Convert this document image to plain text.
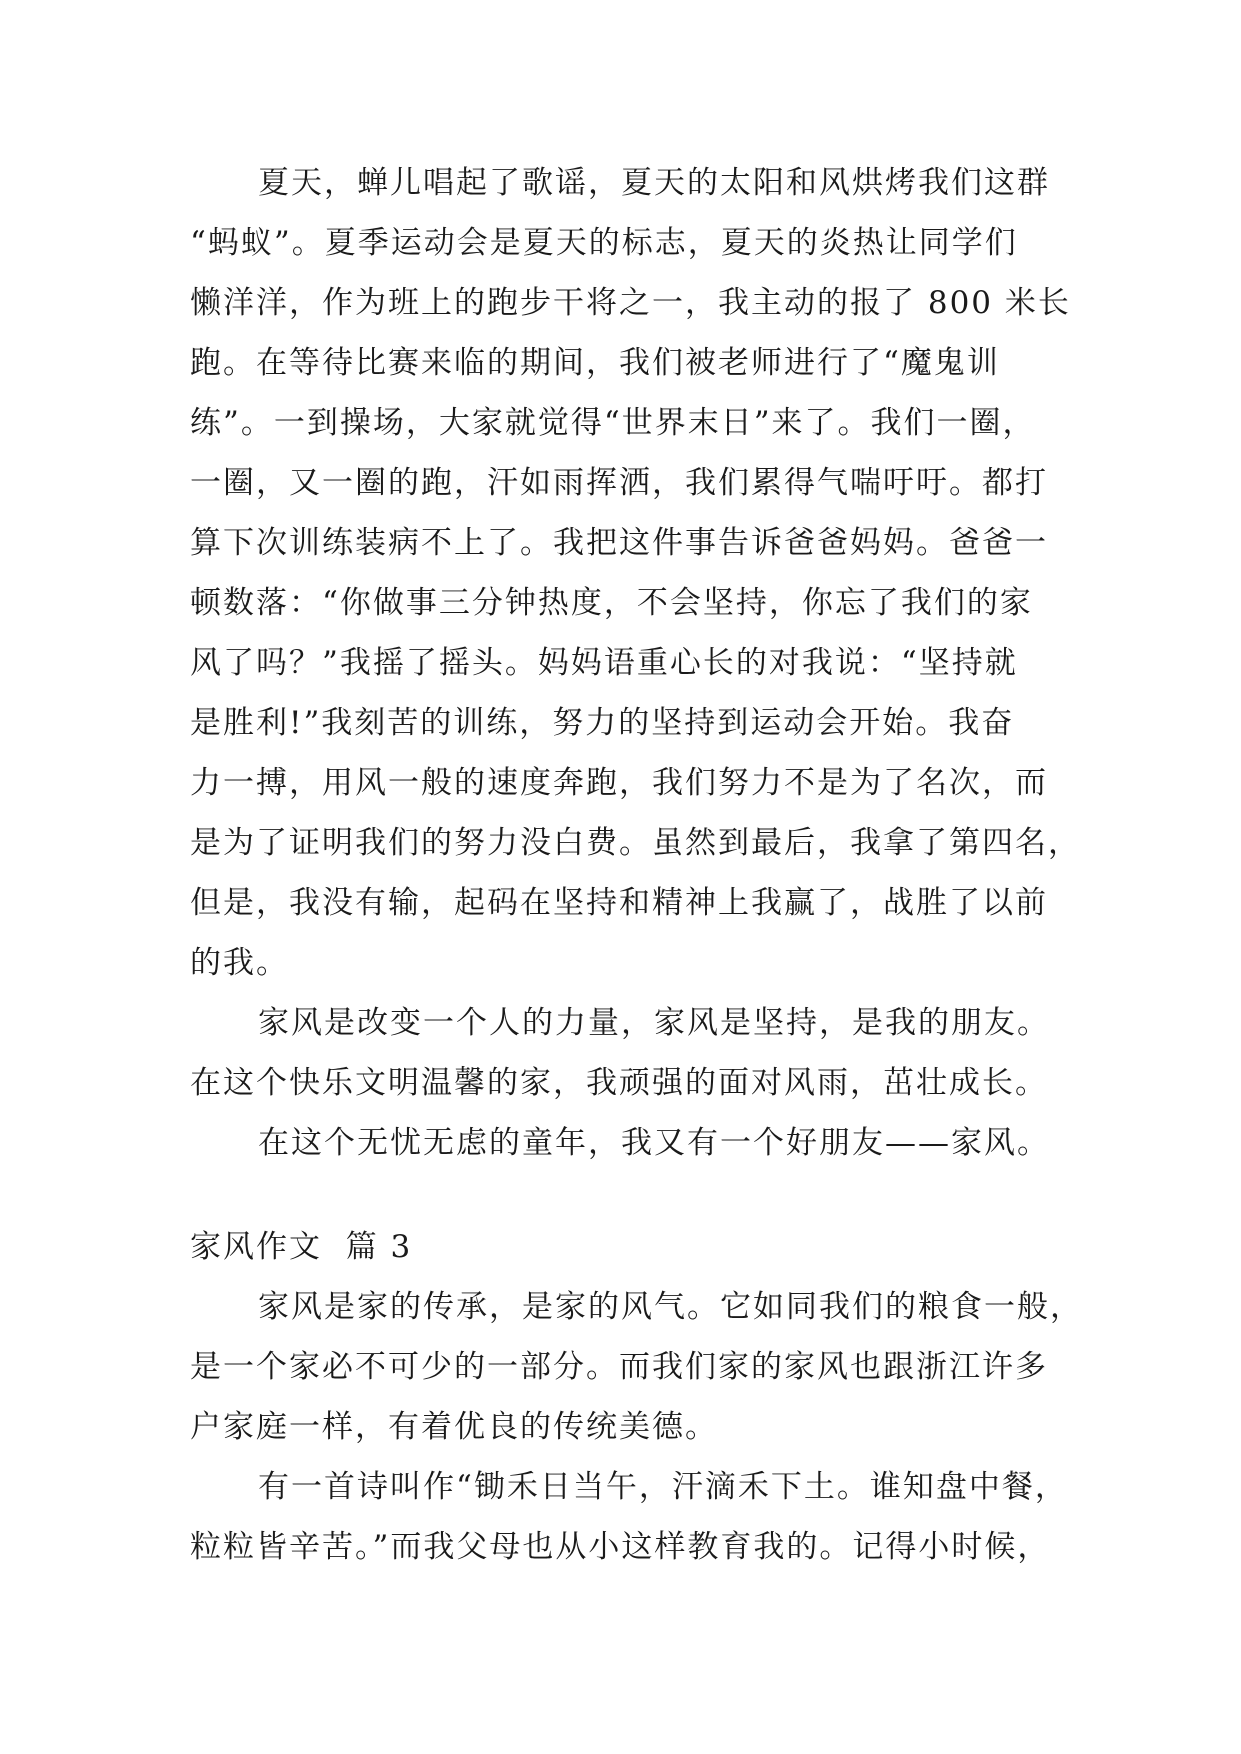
夏天，蝉儿唱起了歌谣，夏天的太阳和风烘烤我们这群
“蚂蚁”。夏季运动会是夏天的标志，夏天的炎热让同学们
懒洋洋，作为班上的跑步干将之一，我主动的报了 800 米长
跑。在等待比赛来临的期间，我们被老师进行了“魔鬼训
练”。一到操场，大家就觉得“世界末日”来了。我们一圈，
一圈，又一圈的跑，汗如雨挥洒，我们累得气喘吁吁。都打
算下次训练装病不上了。我把这件事告诉爸爸妈妈。爸爸一
顿数落：“你做事三分钟热度，不会坚持，你忘了我们的家
风了吗？”我摇了摇头。妈妈语重心长的对我说：“坚持就
是胜利!”我刻苦的训练，努力的坚持到运动会开始。我奋
力一搏，用风一般的速度奔跑，我们努力不是为了名次，而
是为了证明我们的努力没白费。虽然到最后，我拿了第四名，
但是，我没有输，起码在坚持和精神上我赢了，战胜了以前
的我。
家风是改变一个人的力量，家风是坚持，是我的朋友。
在这个快乐文明温馨的家，我顽强的面对风雨，茁壮成长。
在这个无忧无虑的童年，我又有一个好朋友——家风。
家风作文  篇 3
家风是家的传承，是家的风气。它如同我们的粮食一般，
是一个家必不可少的一部分。而我们家的家风也跟浙江许多
户家庭一样，有着优良的传统美德。
有一首诗叫作“锄禾日当午，汗滴禾下土。谁知盘中餐，
粒粒皆辛苦。”而我父母也从小这样教育我的。记得小时候，
